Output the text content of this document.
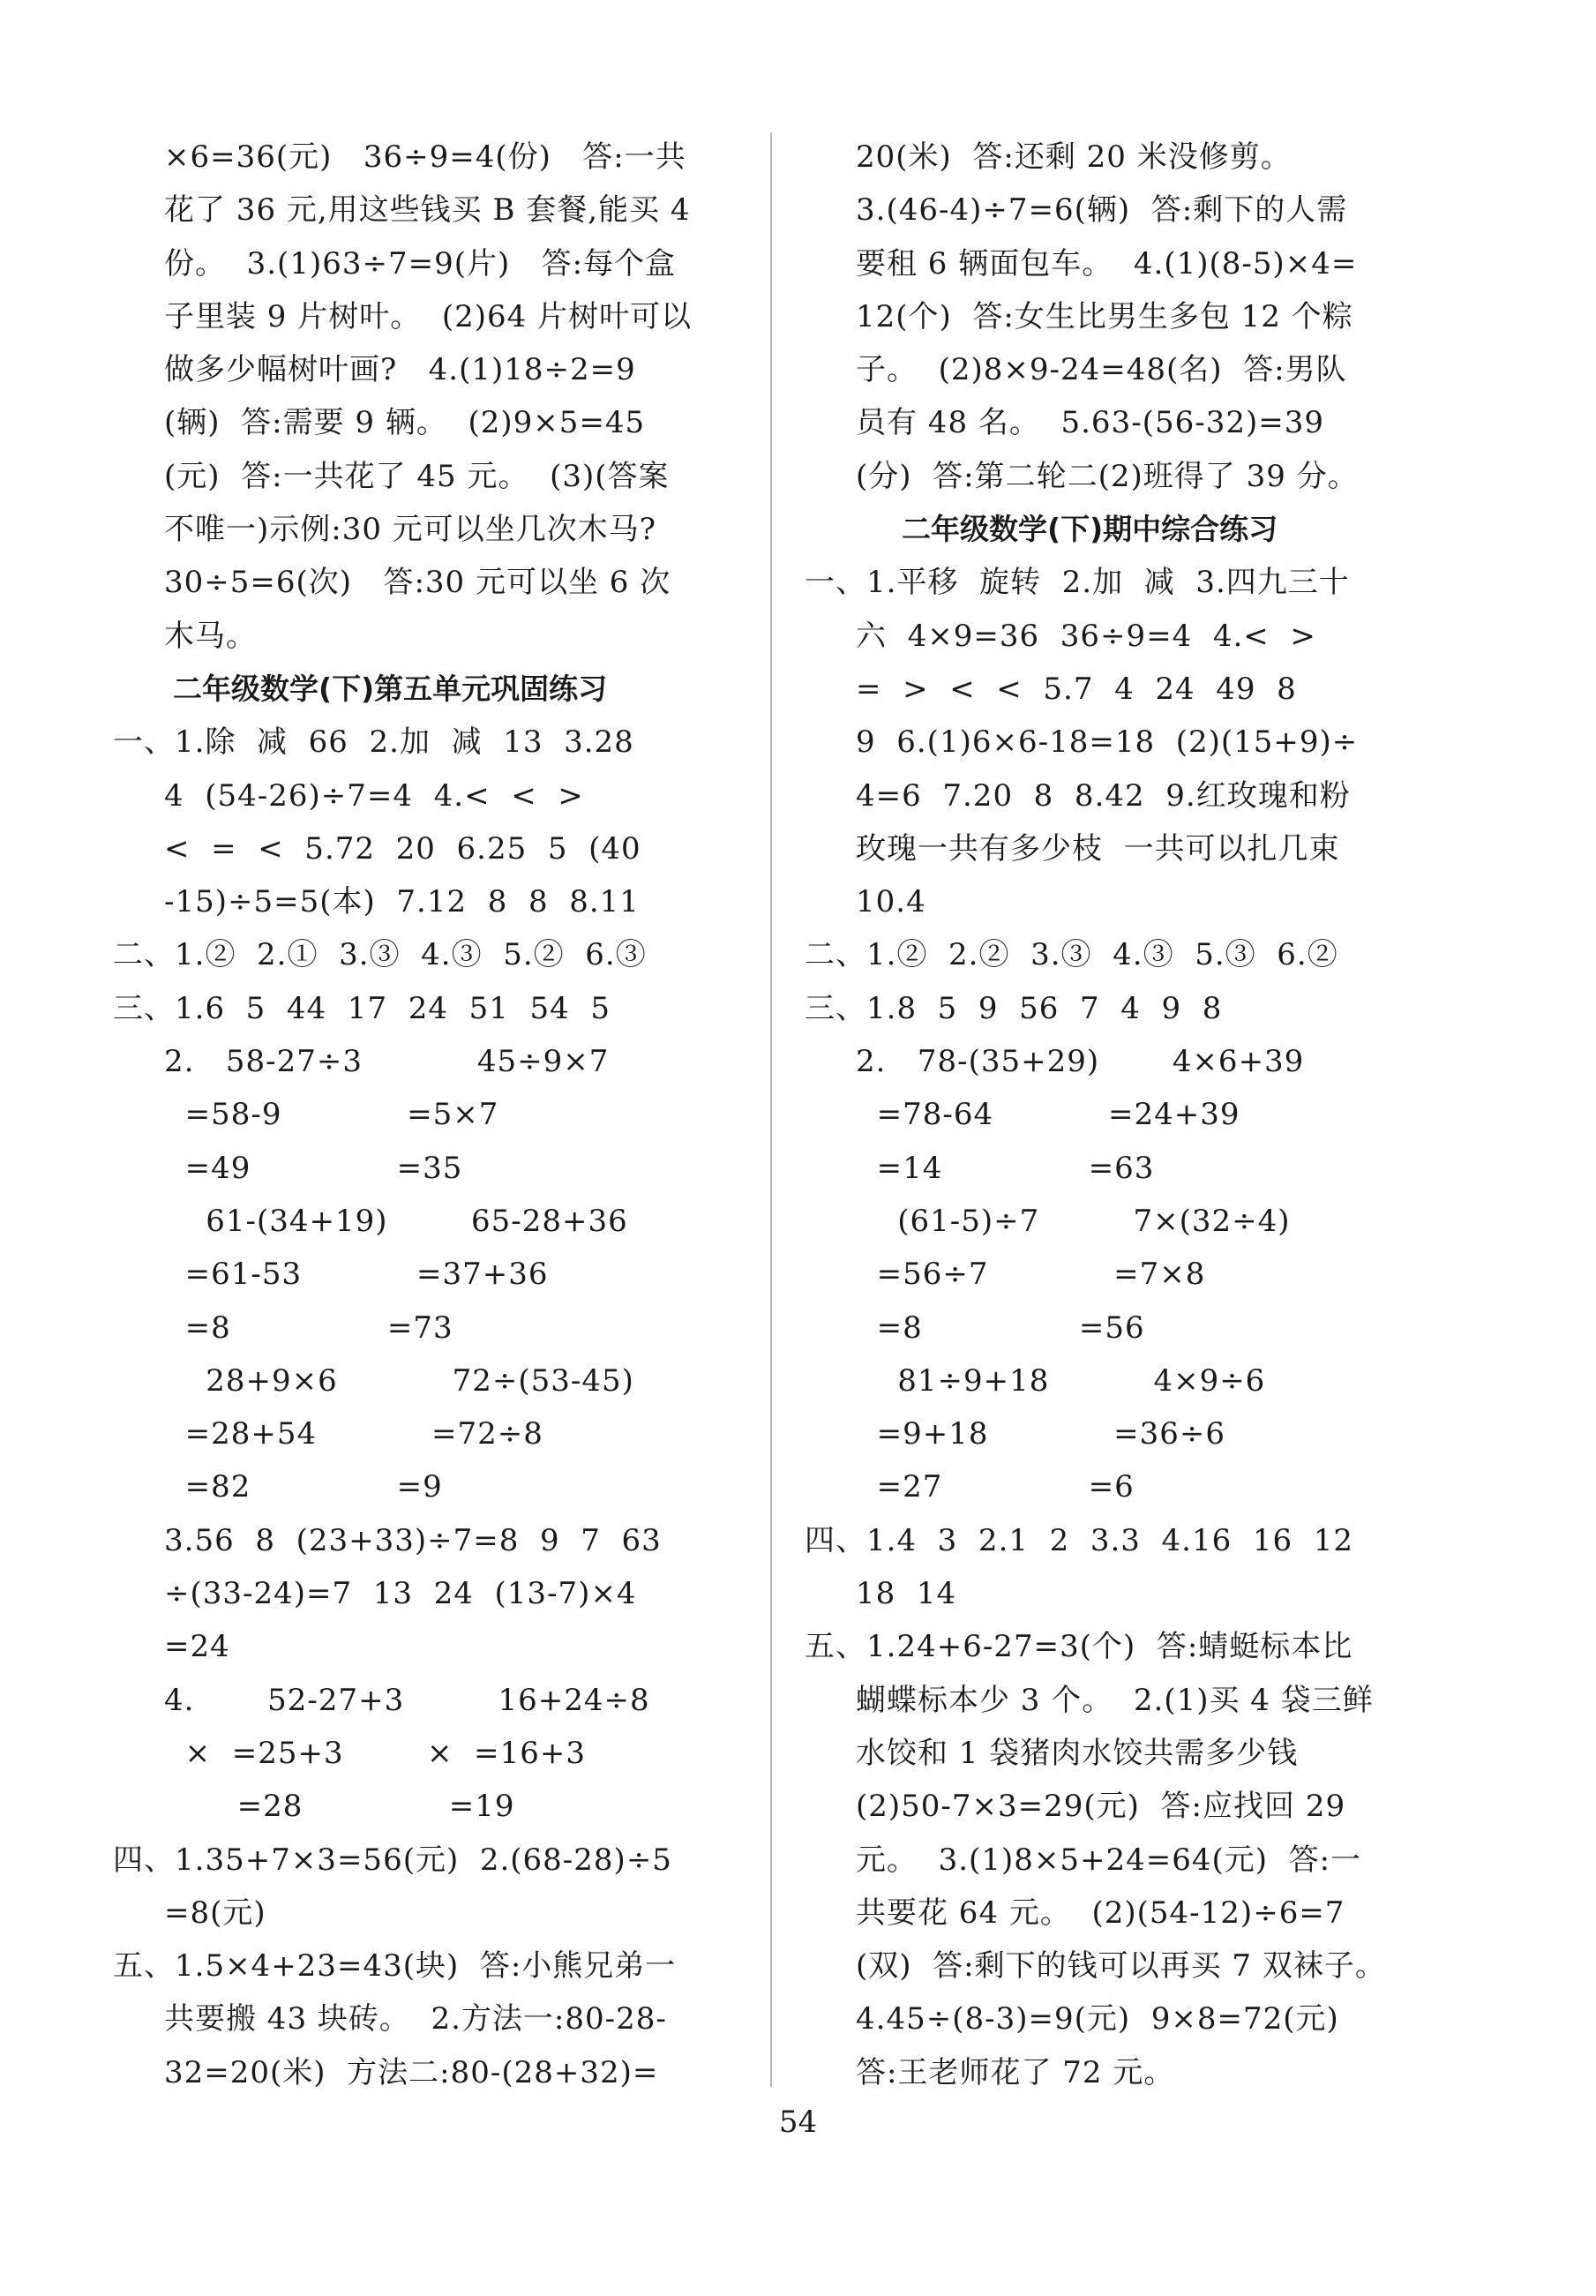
×6=36(元)   36÷9=4(份)   答:一共
花了 36 元,用这些钱买 B 套餐,能买 4
份。  3.(1)63÷7=9(片)   答:每个盒
子里装 9 片树叶。  (2)64 片树叶可以
做多少幅树叶画?   4.(1)18÷2=9
(辆)  答:需要 9 辆。  (2)9×5=45
(元)  答:一共花了 45 元。  (3)(答案
不唯一)示例:30 元可以坐几次木马?
30÷5=6(次)   答:30 元可以坐 6 次
木马。
二年级数学(下)第五单元巩固练习
一、1.除  减  66  2.加  减  13  3.28
4  (54-26)÷7=4  4.<  <  >
<  =  <  5.72  20  6.25  5  (40
-15)÷5=5(本)  7.12  8  8  8.11
二、1.②  2.①  3.③  4.③  5.②  6.③
三、1.6  5  44  17  24  51  54  5
2.   58-27÷3           45÷9×7
=58-9            =5×7
=49              =35
61-(34+19)        65-28+36
=61-53           =37+36
=8               =73
28+9×6           72÷(53-45)
=28+54           =72÷8
=82              =9
3.56  8  (23+33)÷7=8  9  7  63
÷(33-24)=7  13  24  (13-7)×4
=24
4.       52-27+3         16+24÷8
×  =25+3        ×  =16+3
=28              =19
四、1.35+7×3=56(元)  2.(68-28)÷5
=8(元)
五、1.5×4+23=43(块)  答:小熊兄弟一
共要搬 43 块砖。  2.方法一:80-28-
32=20(米)  方法二:80-(28+32)=
20(米)  答:还剩 20 米没修剪。
3.(46-4)÷7=6(辆)  答:剩下的人需
要租 6 辆面包车。  4.(1)(8-5)×4=
12(个)  答:女生比男生多包 12 个粽
子。  (2)8×9-24=48(名)  答:男队
员有 48 名。  5.63-(56-32)=39
(分)  答:第二轮二(2)班得了 39 分。
二年级数学(下)期中综合练习
一、1.平移  旋转  2.加  减  3.四九三十
六  4×9=36  36÷9=4  4.<  >
=  >  <  <  5.7  4  24  49  8
9  6.(1)6×6-18=18  (2)(15+9)÷
4=6  7.20  8  8.42  9.红玫瑰和粉
玫瑰一共有多少枝  一共可以扎几束
10.4
二、1.②  2.②  3.③  4.③  5.③  6.②
三、1.8  5  9  56  7  4  9  8
2.   78-(35+29)       4×6+39
=78-64           =24+39
=14              =63
(61-5)÷7         7×(32÷4)
=56÷7            =7×8
=8               =56
81÷9+18          4×9÷6
=9+18            =36÷6
=27              =6
四、1.4  3  2.1  2  3.3  4.16  16  12
18  14
五、1.24+6-27=3(个)  答:蜻蜓标本比
蝴蝶标本少 3 个。  2.(1)买 4 袋三鲜
水饺和 1 袋猪肉水饺共需多少钱
(2)50-7×3=29(元)  答:应找回 29
元。  3.(1)8×5+24=64(元)  答:一
共要花 64 元。  (2)(54-12)÷6=7
(双)  答:剩下的钱可以再买 7 双袜子。
4.45÷(8-3)=9(元)  9×8=72(元)
答:王老师花了 72 元。
54
